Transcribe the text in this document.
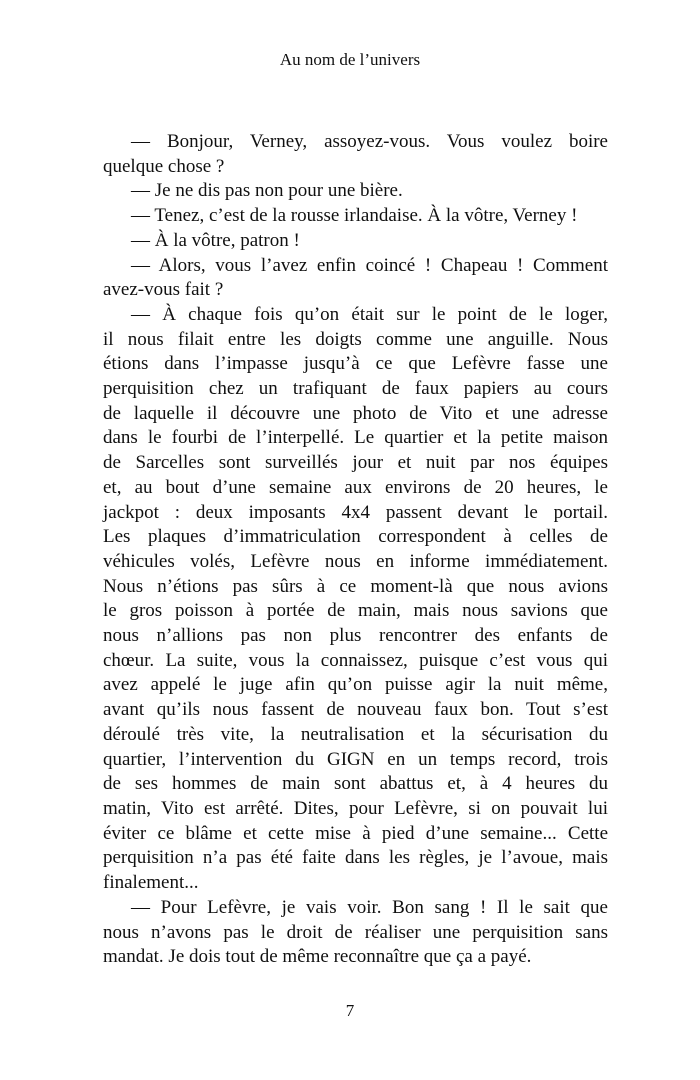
Au nom de l’univers
— Bonjour, Verney, assoyez-vous. Vous voulez boire
quelque chose ?
— Je ne dis pas non pour une bière.
— Tenez, c’est de la rousse irlandaise. À la vôtre, Verney !
— À la vôtre, patron !
— Alors, vous l’avez enfin coincé ! Chapeau ! Comment
avez-vous fait ?
— À chaque fois qu’on était sur le point de le loger,
il nous filait entre les doigts comme une anguille. Nous
étions dans l’impasse jusqu’à ce que Lefèvre fasse une
perquisition chez un trafiquant de faux papiers au cours
de laquelle il découvre une photo de Vito et une adresse
dans le fourbi de l’interpellé. Le quartier et la petite maison
de Sarcelles sont surveillés jour et nuit par nos équipes
et, au bout d’une semaine aux environs de 20 heures, le
jackpot : deux imposants 4x4 passent devant le portail.
Les plaques d’immatriculation correspondent à celles de
véhicules volés, Lefèvre nous en informe immédiatement.
Nous n’étions pas sûrs à ce moment-là que nous avions
le gros poisson à portée de main, mais nous savions que
nous n’allions pas non plus rencontrer des enfants de
chœur. La suite, vous la connaissez, puisque c’est vous qui
avez appelé le juge afin qu’on puisse agir la nuit même,
avant qu’ils nous fassent de nouveau faux bon. Tout s’est
déroulé très vite, la neutralisation et la sécurisation du
quartier, l’intervention du GIGN en un temps record, trois
de ses hommes de main sont abattus et, à 4 heures du
matin, Vito est arrêté. Dites, pour Lefèvre, si on pouvait lui
éviter ce blâme et cette mise à pied d’une semaine... Cette
perquisition n’a pas été faite dans les règles, je l’avoue, mais
finalement...
— Pour Lefèvre, je vais voir. Bon sang ! Il le sait que
nous n’avons pas le droit de réaliser une perquisition sans
mandat. Je dois tout de même reconnaître que ça a payé.
7
